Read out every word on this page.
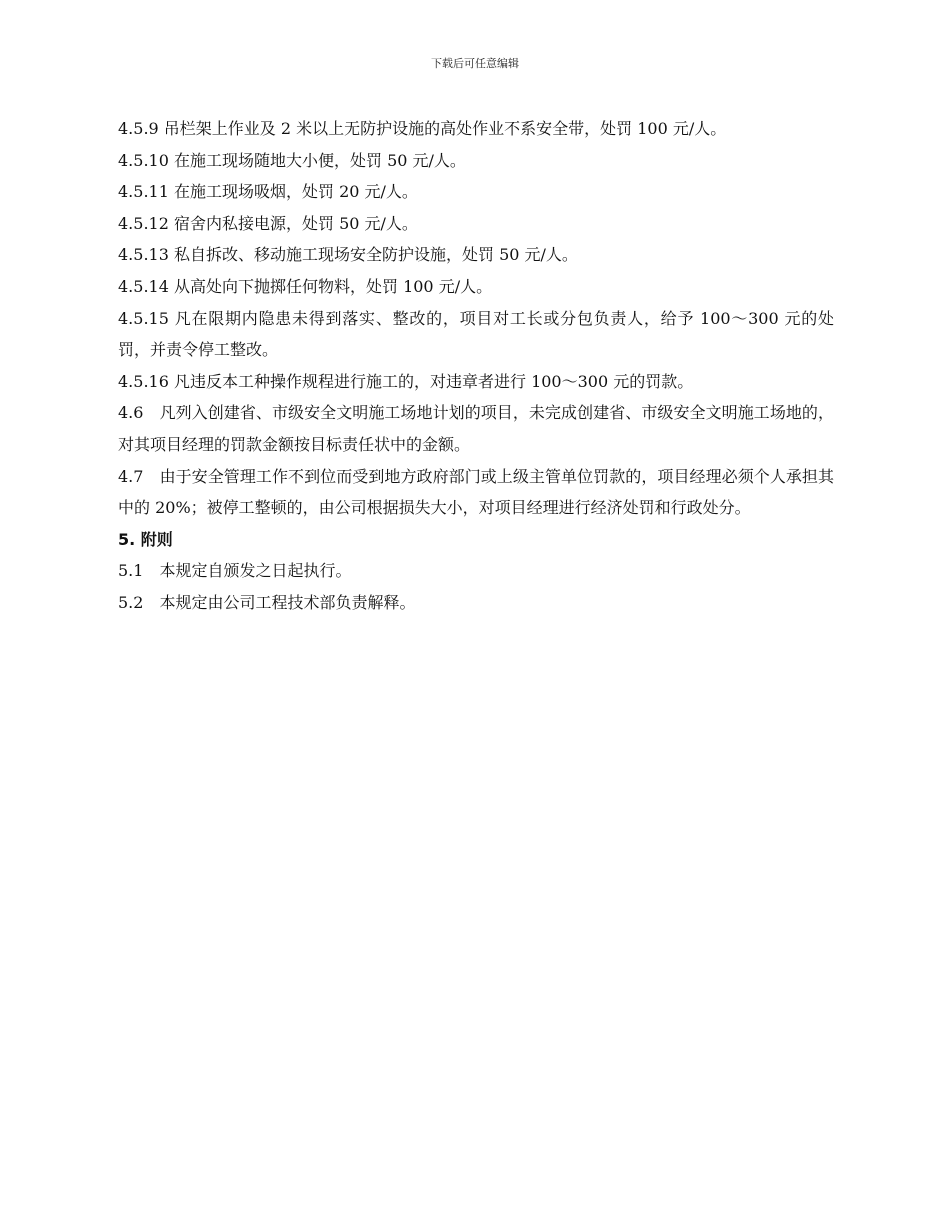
下载后可任意编辑

4.5.9 吊栏架上作业及 2 米以上无防护设施的高处作业不系安全带，处罚 100 元/人。

4.5.10 在施工现场随地大小便，处罚 50 元/人。

4.5.11 在施工现场吸烟，处罚 20 元/人。

4.5.12 宿舍内私接电源，处罚 50 元/人。

4.5.13 私自拆改、移动施工现场安全防护设施，处罚 50 元/人。

4.5.14 从高处向下抛掷任何物料，处罚 100 元/人。

4.5.15 凡在限期内隐患未得到落实、整改的，项目对工长或分包负责人，给予 100～300 元的处罚，并责令停工整改。

4.5.16 凡违反本工种操作规程进行施工的，对违章者进行 100～300 元的罚款。

4.6　凡列入创建省、市级安全文明施工场地计划的项目，未完成创建省、市级安全文明施工场地的，对其项目经理的罚款金额按目标责任状中的金额。

4.7　由于安全管理工作不到位而受到地方政府部门或上级主管单位罚款的，项目经理必须个人承担其中的 20%；被停工整顿的，由公司根据损失大小，对项目经理进行经济处罚和行政处分。

5. 附则

5.1　本规定自颁发之日起执行。

5.2　本规定由公司工程技术部负责解释。
